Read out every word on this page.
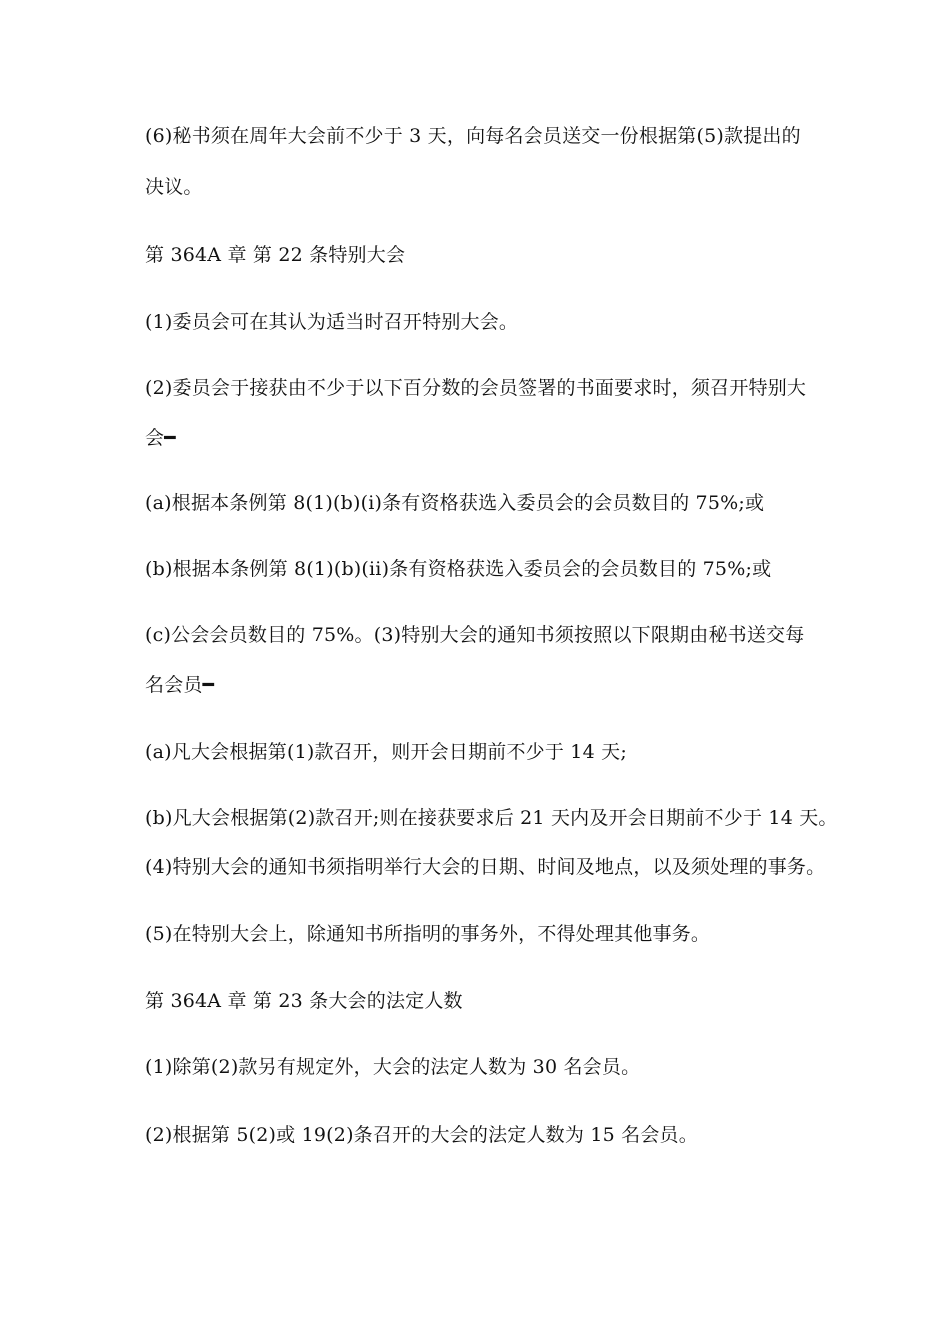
(6)秘书须在周年大会前不少于 3 天，向每名会员送交一份根据第(5)款提出的
决议。
第 364A 章 第 22 条特别大会
(1)委员会可在其认为适当时召开特别大会。
(2)委员会于接获由不少于以下百分数的会员签署的书面要求时，须召开特别大
会━
(a)根据本条例第 8(1)(b)(i)条有资格获选入委员会的会员数目的 75%;或
(b)根据本条例第 8(1)(b)(ii)条有资格获选入委员会的会员数目的 75%;或
(c)公会会员数目的 75%。(3)特别大会的通知书须按照以下限期由秘书送交每
名会员━
(a)凡大会根据第(1)款召开，则开会日期前不少于 14 天;
(b)凡大会根据第(2)款召开;则在接获要求后 21 天内及开会日期前不少于 14 天。
(4)特别大会的通知书须指明举行大会的日期、时间及地点，以及须处理的事务。
(5)在特别大会上，除通知书所指明的事务外，不得处理其他事务。
第 364A 章 第 23 条大会的法定人数
(1)除第(2)款另有规定外，大会的法定人数为 30 名会员。
(2)根据第 5(2)或 19(2)条召开的大会的法定人数为 15 名会员。
